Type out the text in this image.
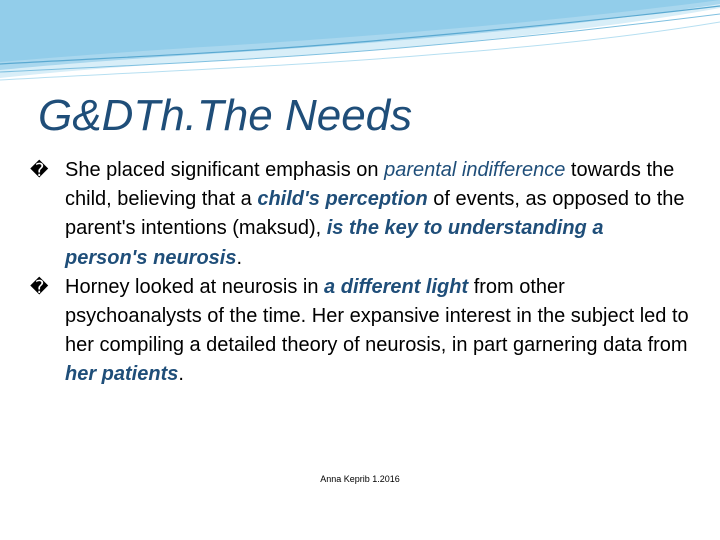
G&DTh.The Needs

� She placed significant emphasis on parental indifference towards the child, believing that a child's perception of events, as opposed to the parent's intentions (maksud), is the key to understanding a person's neurosis.

� Horney looked at neurosis in a different light from other psychoanalysts of the time. Her expansive interest in the subject led to her compiling a detailed theory of neurosis, in part garnering data from her patients.

Anna Keprib 1.2016
